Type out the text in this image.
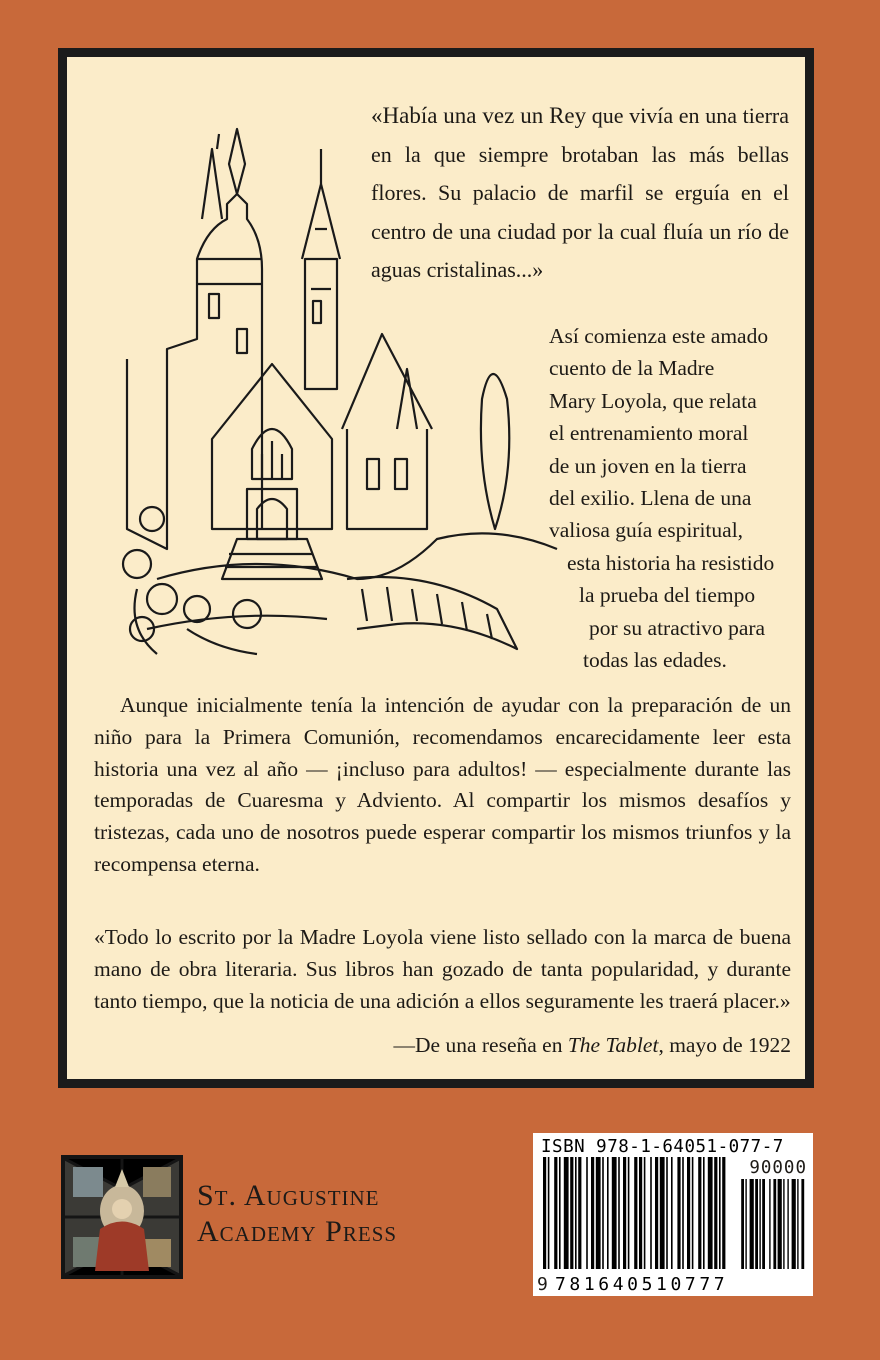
«Había una vez un Rey que vivía en una tierra en la que siempre brotaban las más bellas flores. Su palacio de marfil se erguía en el centro de una ciudad por la cual fluía un río de aguas cristalinas...»

Así comienza este amado
cuento de la Madre
Mary Loyola, que relata
el entrenamiento moral
de un joven en la tierra
del exilio. Llena de una
valiosa guía espiritual,
esta historia ha resistido
la prueba del tiempo
por su atractivo para
todas las edades.

Aunque inicialmente tenía la intención de ayudar con la preparación de un niño para la Primera Comunión, recomendamos encarecidamente leer esta historia una vez al año — ¡incluso para adultos! — especialmente durante las temporadas de Cuaresma y Adviento. Al compartir los mismos desafíos y tristezas, cada uno de nosotros puede esperar compartir los mismos triunfos y la recompensa eterna.

«Todo lo escrito por la Madre Loyola viene listo sellado con la marca de buena mano de obra literaria. Sus libros han gozado de tanta popularidad, y durante tanto tiempo, que la noticia de una adición a ellos seguramente les traerá placer.»

—De una reseña en The Tablet, mayo de 1922

St. Augustine
Academy Press
ISBN 978-1-64051-077-7
90000
9 781640510777
